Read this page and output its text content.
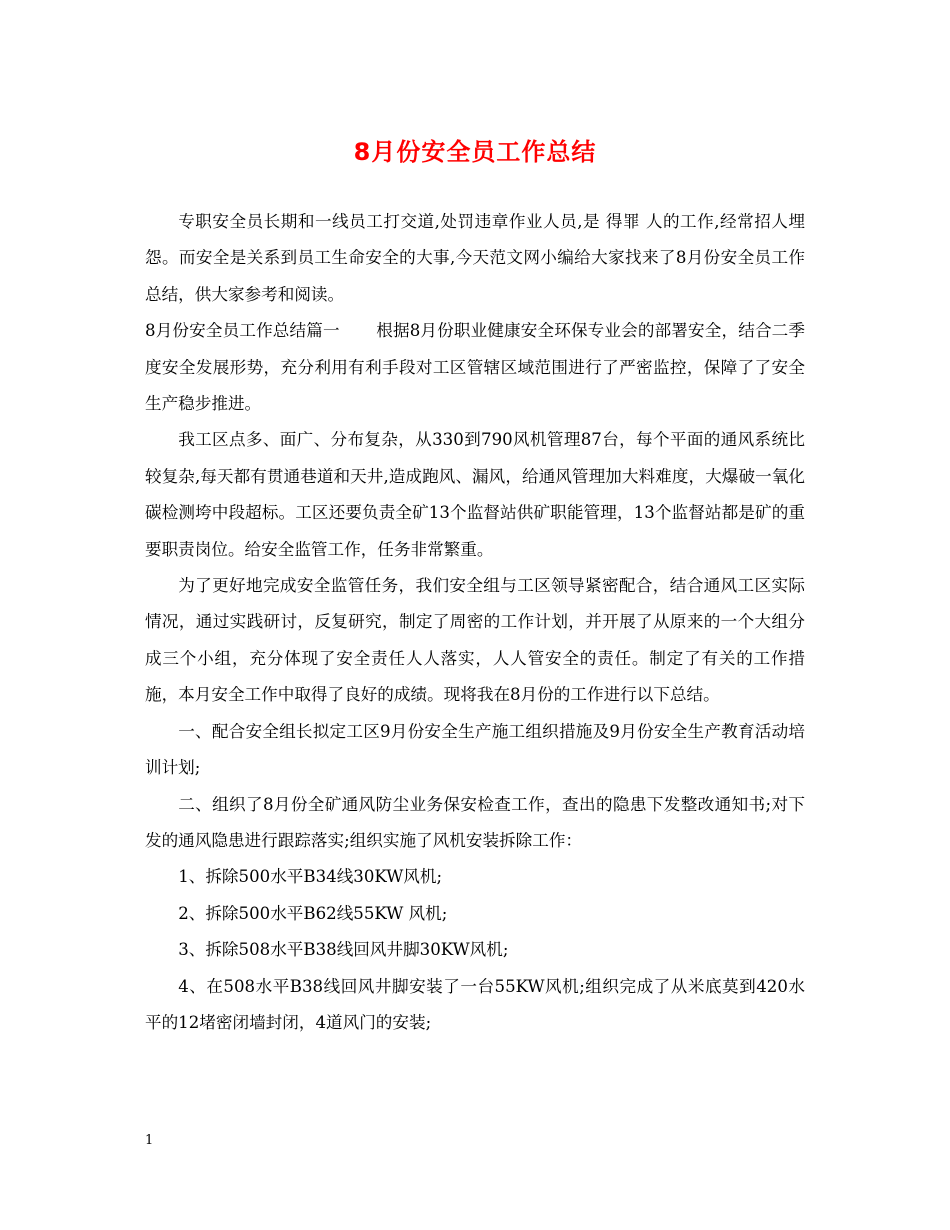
8月份安全员工作总结

专职安全员长期和一线员工打交道,处罚违章作业人员,是 得罪 人的工作,经常招人埋怨。而安全是关系到员工生命安全的大事,今天范文网小编给大家找来了8月份安全员工作总结，供大家参考和阅读。

8月份安全员工作总结篇一 根据8月份职业健康安全环保专业会的部署安全，结合二季度安全发展形势，充分利用有利手段对工区管辖区域范围进行了严密监控，保障了了安全生产稳步推进。

我工区点多、面广、分布复杂，从330到790风机管理87台，每个平面的通风系统比较复杂,每天都有贯通巷道和天井,造成跑风、漏风，给通风管理加大料难度，大爆破一氧化碳检测垮中段超标。工区还要负责全矿13个监督站供矿职能管理，13个监督站都是矿的重要职责岗位。给安全监管工作，任务非常繁重。

为了更好地完成安全监管任务，我们安全组与工区领导紧密配合，结合通风工区实际情况，通过实践研讨，反复研究，制定了周密的工作计划，并开展了从原来的一个大组分成三个小组，充分体现了安全责任人人落实，人人管安全的责任。制定了有关的工作措施，本月安全工作中取得了良好的成绩。现将我在8月份的工作进行以下总结。

一、配合安全组长拟定工区9月份安全生产施工组织措施及9月份安全生产教育活动培训计划;

二、组织了8月份全矿通风防尘业务保安检查工作，查出的隐患下发整改通知书;对下发的通风隐患进行跟踪落实;组织实施了风机安装拆除工作：

1、拆除500水平B34线30KW风机;

2、拆除500水平B62线55KW 风机;

3、拆除508水平B38线回风井脚30KW风机;

4、在508水平B38线回风井脚安装了一台55KW风机;组织完成了从米底莫到420水平的12堵密闭墙封闭，4道风门的安装;

1
